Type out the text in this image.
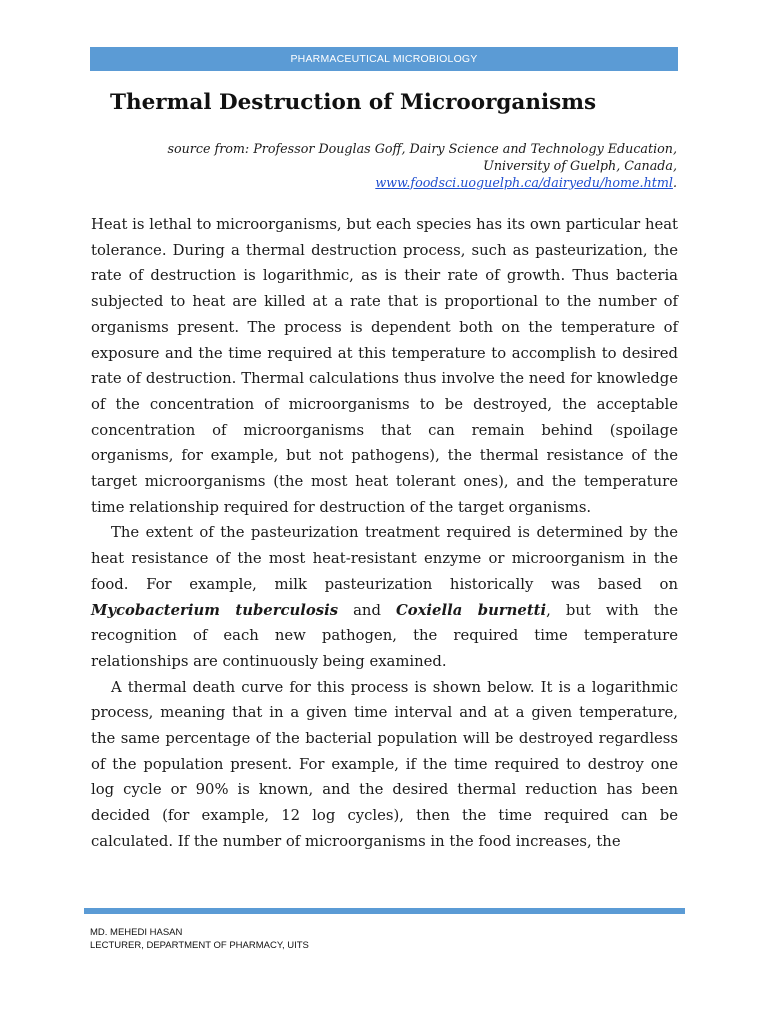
PHARMACEUTICAL MICROBIOLOGY
Thermal Destruction of Microorganisms
source from: Professor Douglas Goff, Dairy Science and Technology Education,
University of Guelph, Canada,
www.foodsci.uoguelph.ca/dairyedu/home.html.

Heat is lethal to microorganisms, but each species has its own particular heat tolerance. During a thermal destruction process, such as pasteurization, the rate of destruction is logarithmic, as is their rate of growth. Thus bacteria subjected to heat are killed at a rate that is proportional to the number of organisms present. The process is dependent both on the temperature of exposure and the time required at this temperature to accomplish to desired rate of destruction. Thermal calculations thus involve the need for knowledge of the concentration of microorganisms to be destroyed, the acceptable concentration of microorganisms that can remain behind (spoilage organisms, for example, but not pathogens), the thermal resistance of the target microorganisms (the most heat tolerant ones), and the temperature time relationship required for destruction of the target organisms.

The extent of the pasteurization treatment required is determined by the heat resistance of the most heat-resistant enzyme or microorganism in the food. For example, milk pasteurization historically was based on Mycobacterium tuberculosis and Coxiella burnetti, but with the recognition of each new pathogen, the required time temperature relationships are continuously being examined.

A thermal death curve for this process is shown below. It is a logarithmic process, meaning that in a given time interval and at a given temperature, the same percentage of the bacterial population will be destroyed regardless of the population present. For example, if the time required to destroy one log cycle or 90% is known, and the desired thermal reduction has been decided (for example, 12 log cycles), then the time required can be calculated. If the number of microorganisms in the food increases, the

MD. MEHEDI HASAN
LECTURER, DEPARTMENT OF PHARMACY, UITS
